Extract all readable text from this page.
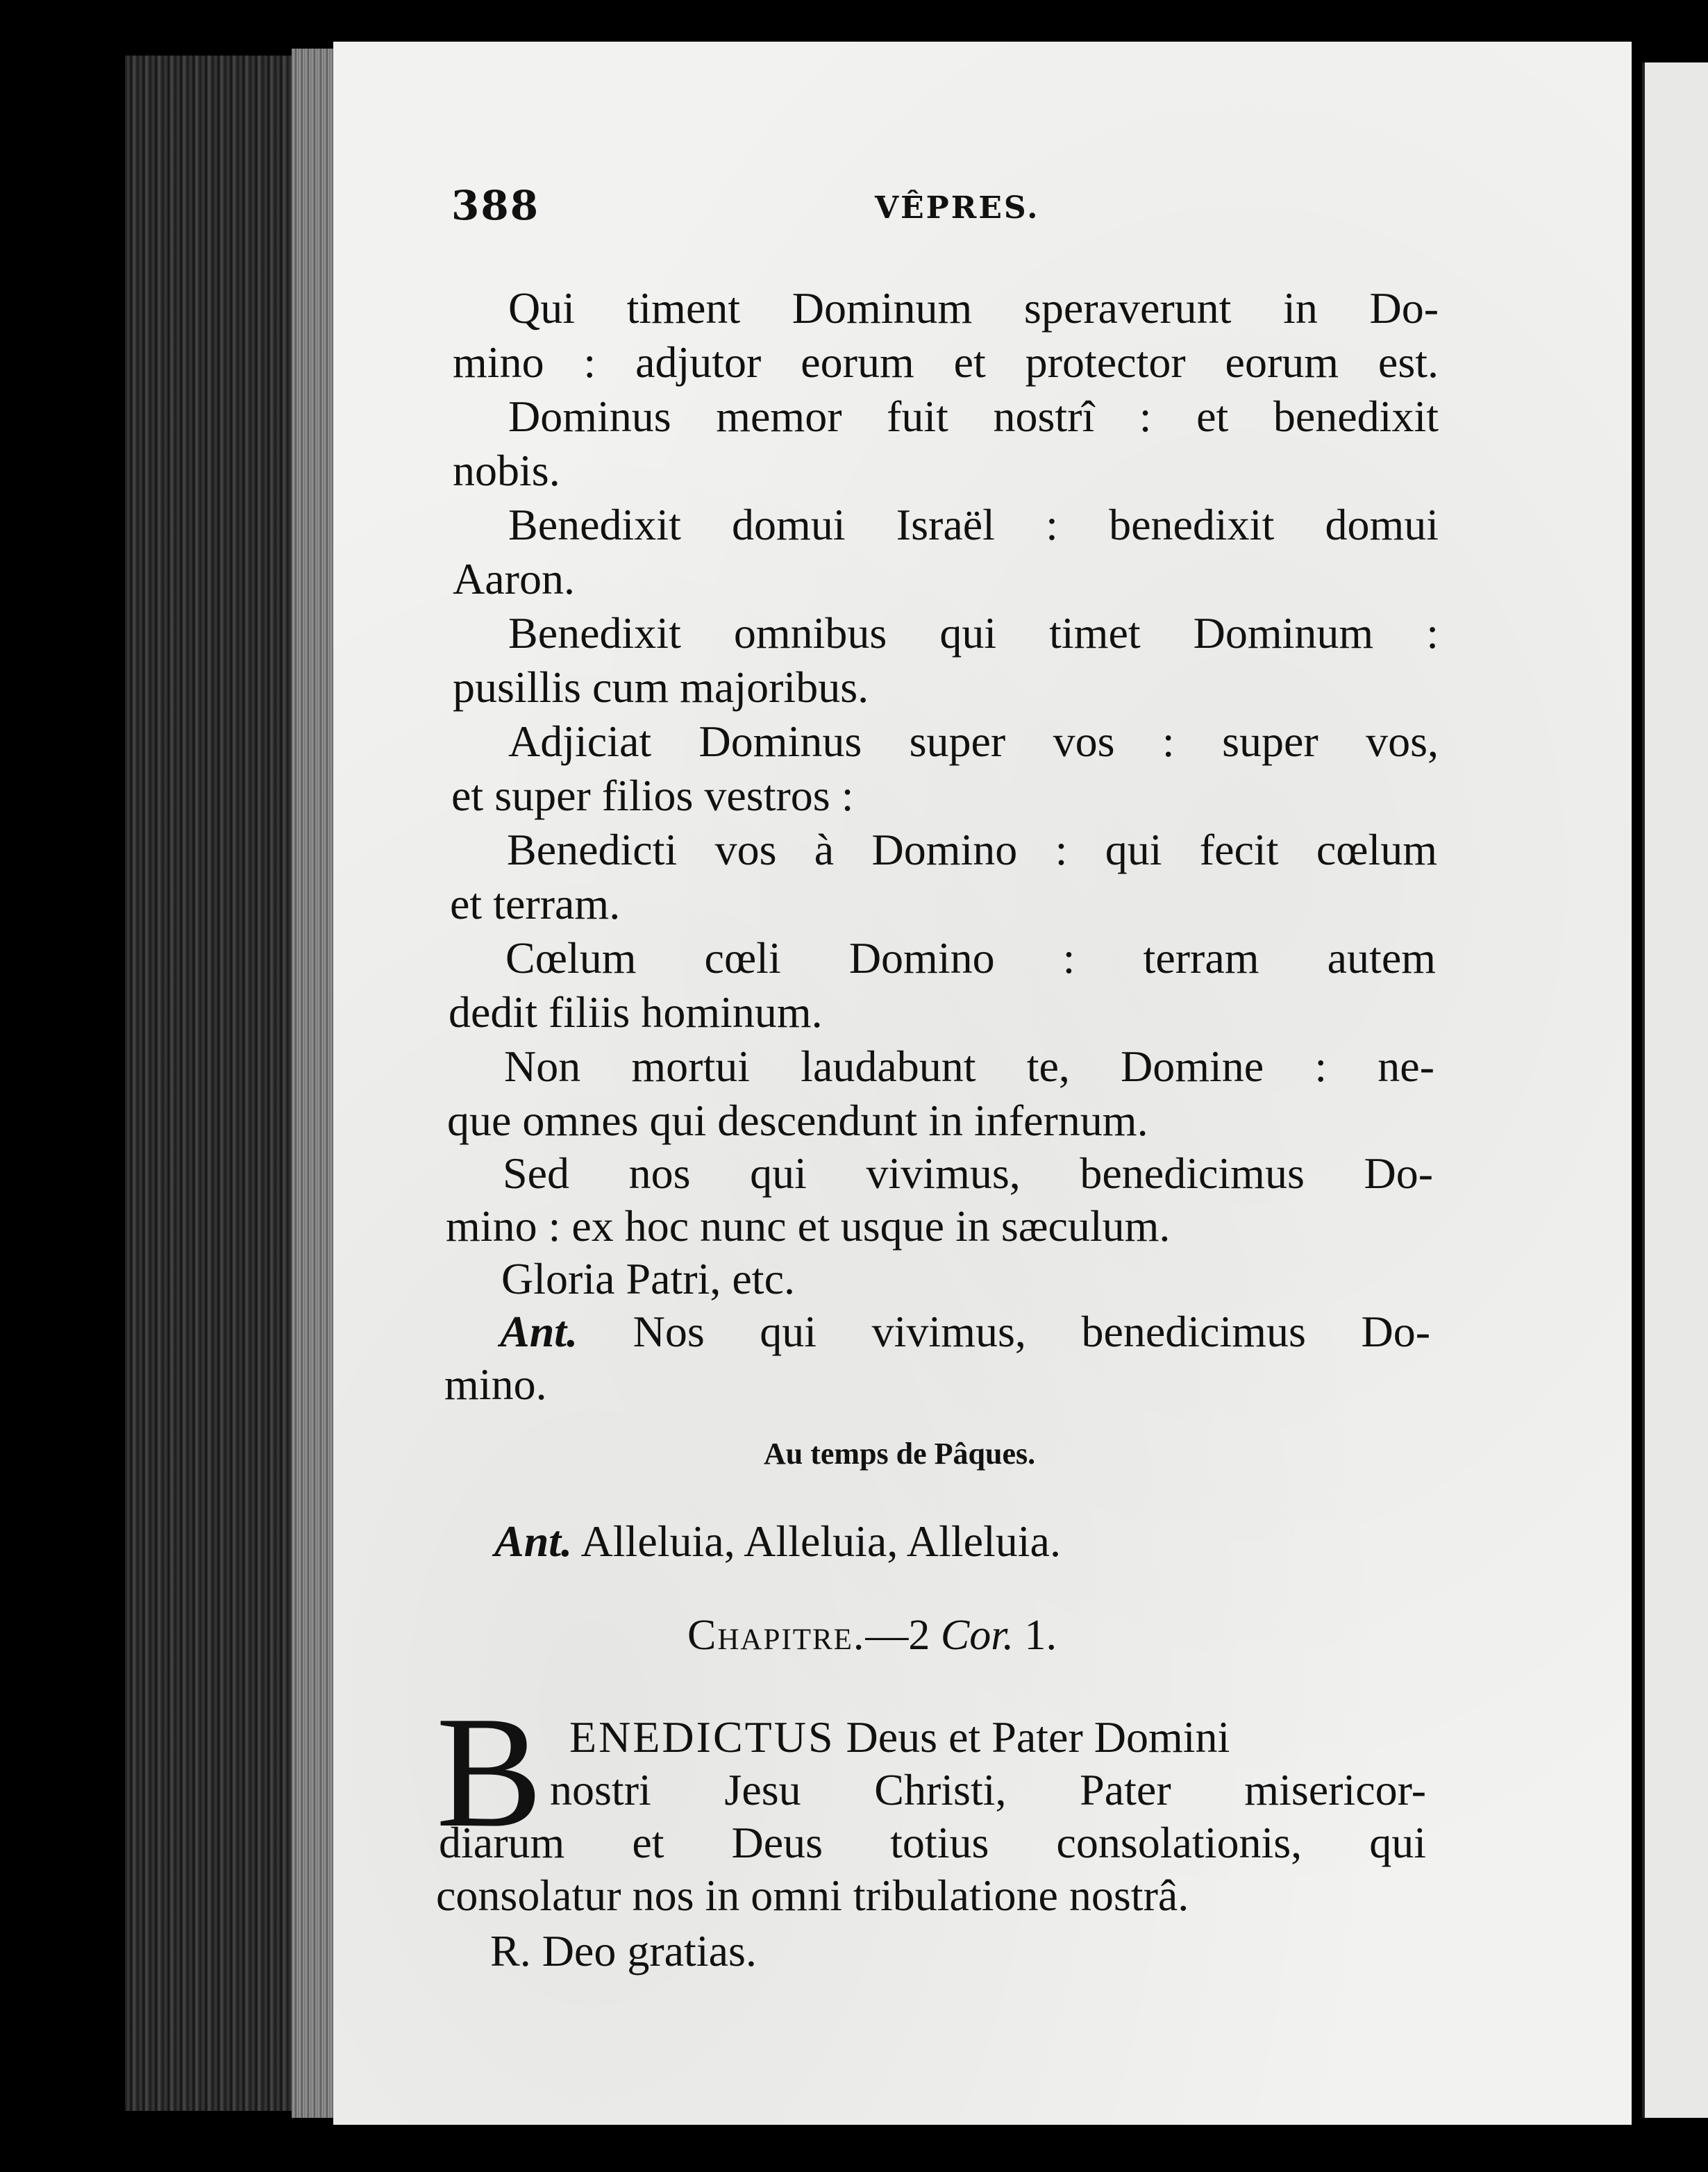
388	VÊPRES.
Qui timent Dominum speraverunt in Do-
mino : adjutor eorum et protector eorum est.
Dominus memor fuit nostrî : et benedixit
nobis.
Benedixit domui Israël : benedixit domui
Aaron.
Benedixit omnibus qui timet Dominum :
pusillis cum majoribus.
Adjiciat Dominus super vos : super vos,
et super filios vestros :
Benedicti vos à Domino : qui fecit cœlum
et terram.
Cœlum cœli Domino : terram autem
dedit filiis hominum.
Non mortui laudabunt te, Domine : ne-
que omnes qui descendunt in infernum.
Sed nos qui vivimus, benedicimus Do-
mino : ex hoc nunc et usque in sæculum.
Gloria Patri, etc.
Ant. Nos qui vivimus, benedicimus Do-
mino.
Ant. Alleluia, Alleluia, Alleluia.
ENEDICTUS Deus et Pater Domini
nostri Jesu Christi, Pater misericor-
diarum et Deus totius consolationis, qui
consolatur nos in omni tribulatione nostrâ.
R. Deo gratias.
Au temps de Pâques.
Chapitre.—2 Cor. 1.
B
